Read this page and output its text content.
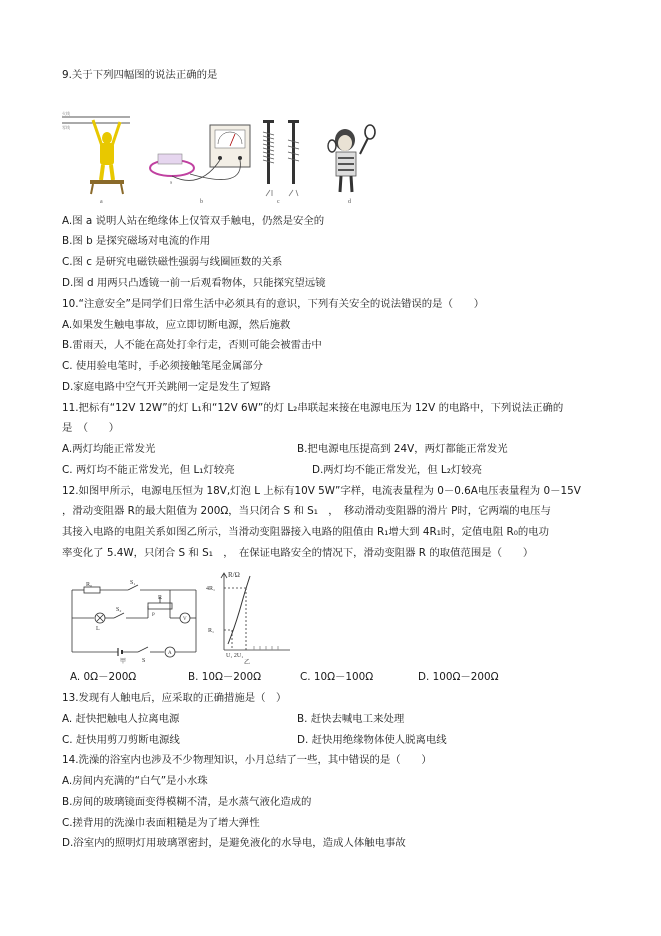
9.关于下列四幅图的说法正确的是
火线
零线
a
S
b	c	d
A.图 a 说明人站在绝缘体上仅管双手触电，仍然是安全的
B.图 b 是探究磁场对电流的作用
C.图 c 是研究电磁铁磁性强弱与线圈匝数的关系
D.图 d 用两只凸透镜一前一后观看物体，只能探究望远镜
10.“注意安全”是同学们日常生活中必须具有的意识，下列有关安全的说法错误的是（　　）
A.如果发生触电事故，应立即切断电源，然后施救
B.雷雨天，人不能在高处打伞行走，否则可能会被雷击中
C. 使用验电笔时，手必须接触笔尾金属部分
D.家庭电路中空气开关跳闸一定是发生了短路
11.把标有“12V 12W”的灯 L₁和“12V 6W”的灯 L₂串联起来接在电源电压为 12V 的电路中，下列说法正确的
是　（　　）
A.两灯均能正常发光	B.把电源电压提高到 24V，两灯都能正常发光
C. 两灯均不能正常发光，但 L₁灯较亮	D.两灯均不能正常发光，但 L₂灯较亮
12.如图甲所示，电源电压恒为 18V,灯泡 L 上标有10V 5W”字样，电流表量程为 0－0.6A电压表量程为 0－15V
，滑动变阻器 R的最大阻值为 200Ω，当只闭合 S 和 S₁　，　移动滑动变阻器的滑片 P时，它两端的电压与
其接入电路的电阻关系如图乙所示，当滑动变阻器接入电路的阻值由 R₁增大到 4R₁时，定值电阻 R₀的电功
率变化了 5.4W，只闭合 S 和 S₁　，　在保证电路安全的情况下，滑动变阻器 R 的取值范围是（　　）
R₀	S₁
R
P
S₂
L
V
A
S
甲
R/Ω
4R₁
R₁
U₁ 2U₁
乙
A. 0Ω－200Ω	B. 10Ω－200Ω	C. 10Ω－100Ω	D. 100Ω－200Ω
13.发现有人触电后，应采取的正确措施是（　）
A. 赶快把触电人拉离电源	B. 赶快去喊电工来处理
C. 赶快用剪刀剪断电源线	D. 赶快用绝缘物体使人脱离电线
14.洗澡的浴室内也涉及不少物理知识，小月总结了一些，其中错误的是（　　）
A.房间内充满的“白气”是小水珠
B.房间的玻璃镜面变得模糊不清，是水蒸气液化造成的
C.搓背用的洗澡巾表面粗糙是为了增大弹性
D.浴室内的照明灯用玻璃罩密封，是避免液化的水导电，造成人体触电事故
